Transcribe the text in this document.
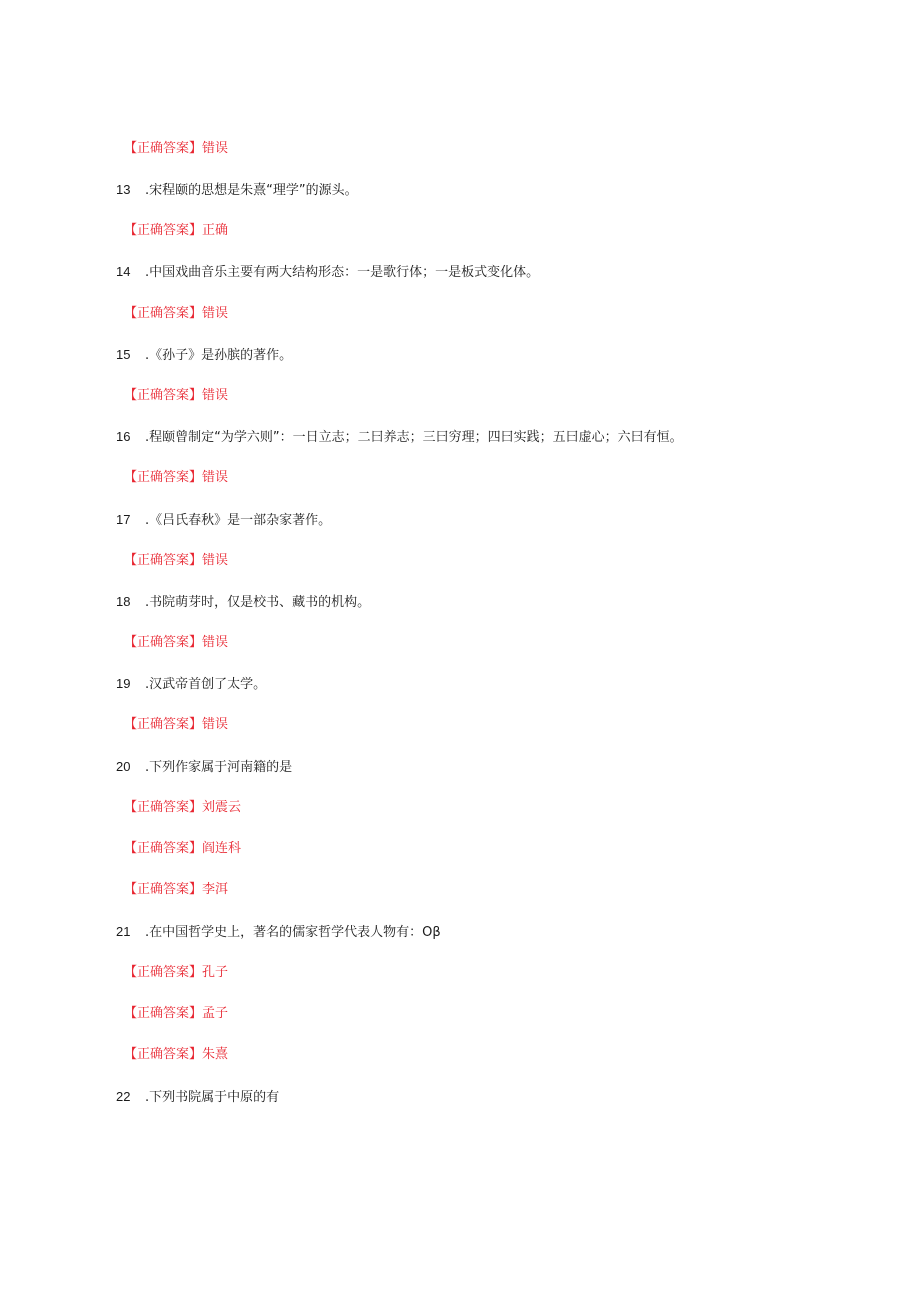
【正确答案】错误
13 .宋程颐的思想是朱熹“理学”的源头。
【正确答案】正确
14 .中国戏曲音乐主要有两大结构形态：一是歌行体；一是板式变化体。
【正确答案】错误
15 .《孙子》是孙膑的著作。
【正确答案】错误
16 .程颐曾制定“为学六则”：一日立志；二曰养志；三曰穷理；四曰实践；五曰虚心；六曰有恒。
【正确答案】错误
17 .《吕氏春秋》是一部杂家著作。
【正确答案】错误
18 .书院萌芽时，仅是校书、藏书的机构。
【正确答案】错误
19 .汉武帝首创了太学。
【正确答案】错误
20 .下列作家属于河南籍的是
【正确答案】刘震云
【正确答案】阎连科
【正确答案】李洱
21 .在中国哲学史上，著名的儒家哲学代表人物有：Oβ
【正确答案】孔子
【正确答案】孟子
【正确答案】朱熹
22 .下列书院属于中原的有
